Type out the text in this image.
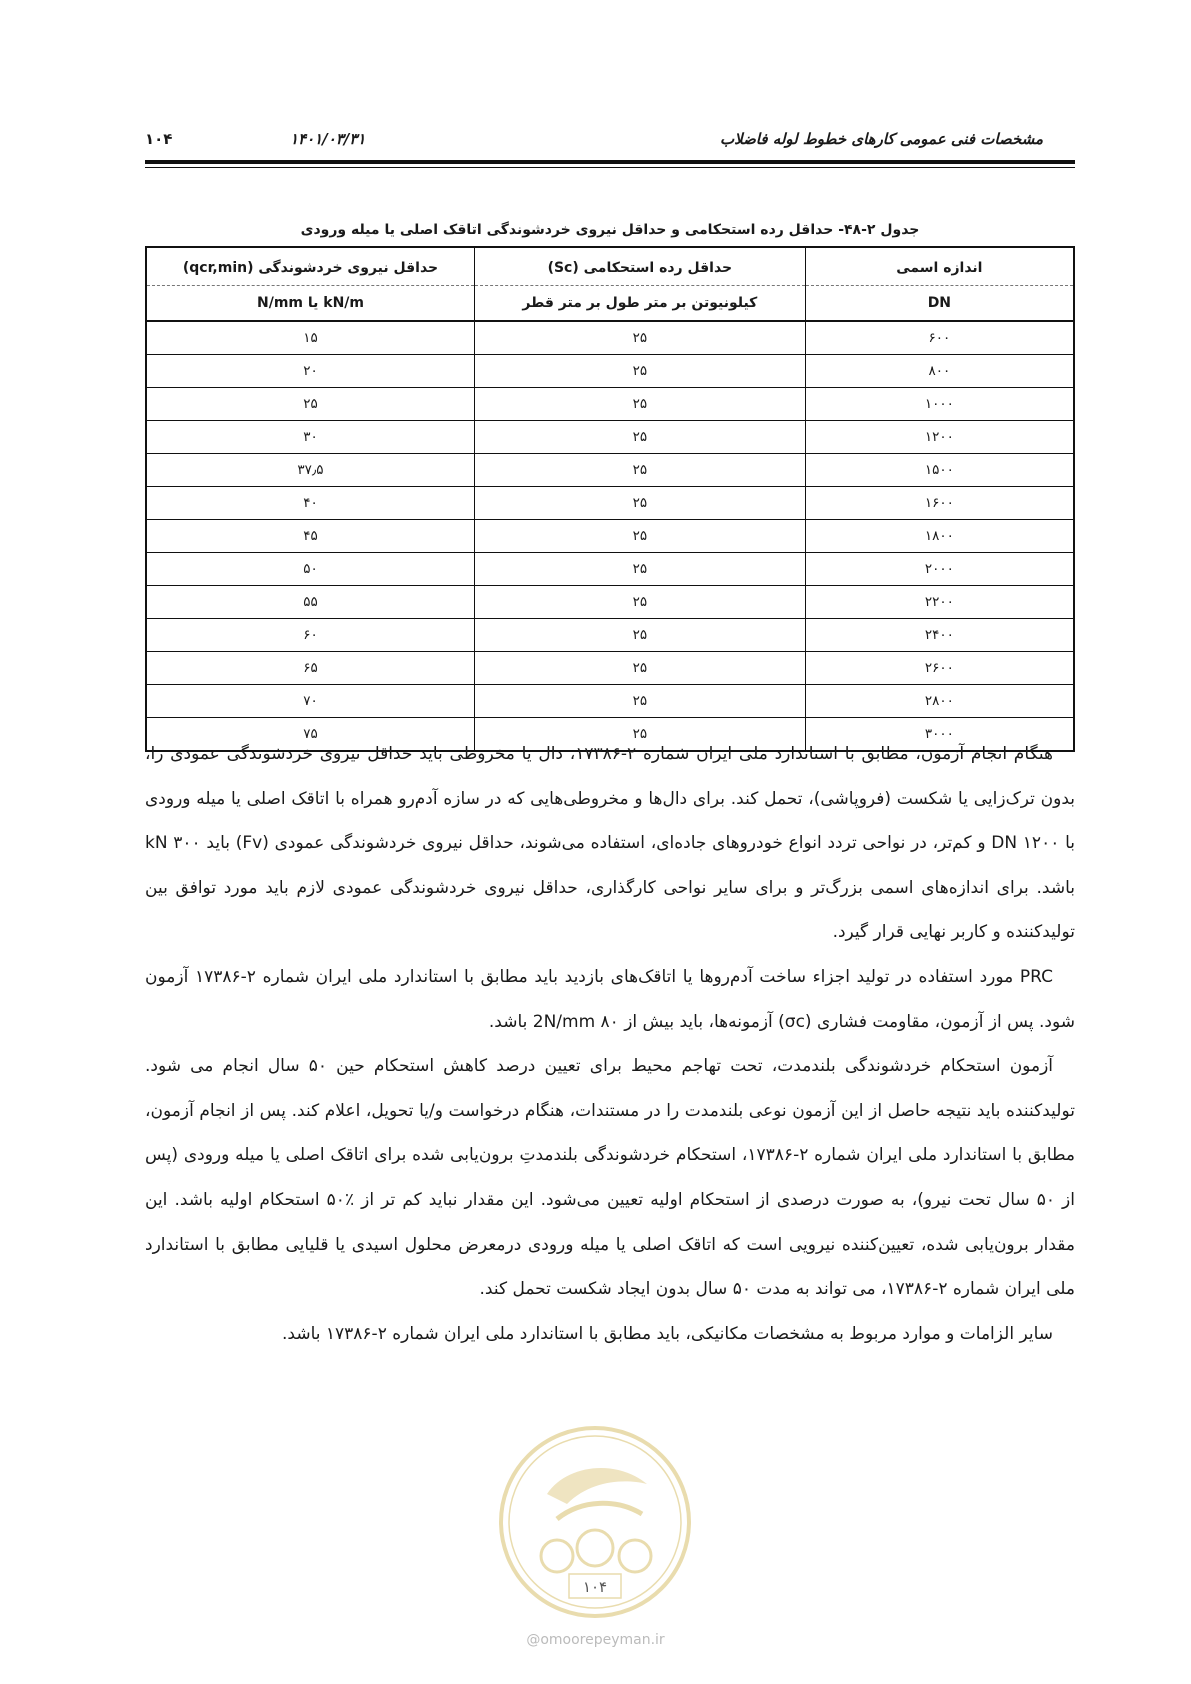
۱۰۴	مشخصات فنی عمومی کارهای خطوط لوله فاضلاب
۱۴۰۱/۰۳/۳۱
جدول ۲-۴۸- حداقل رده استحکامی و حداقل نیروی خردشوندگی اتاقک اصلی یا میله ورودی
اندازه اسمی	حداقل رده استحکامی (Sc)	حداقل نیروی خردشوندگی (qcr,min)
DN	کیلونیوتن بر متر طول بر متر قطر	kN/m یا N/mm
۶۰۰	۲۵	۱۵
۸۰۰	۲۵	۲۰
۱۰۰۰	۲۵	۲۵
۱۲۰۰	۲۵	۳۰
۱۵۰۰	۲۵	۳۷٫۵
۱۶۰۰	۲۵	۴۰
۱۸۰۰	۲۵	۴۵
۲۰۰۰	۲۵	۵۰
۲۲۰۰	۲۵	۵۵
۲۴۰۰	۲۵	۶۰
۲۶۰۰	۲۵	۶۵
۲۸۰۰	۲۵	۷۰
۳۰۰۰	۲۵	۷۵

هنگام انجام آزمون، مطابق با استاندارد ملی ایران شماره ۲-۱۷۳۸۶، دال یا مخروطی باید حداقل نیروی خردشوندگی عمودی را، بدون ترک‌زایی یا شکست (فروپاشی)، تحمل کند. برای دال‌ها و مخروطی‌هایی که در سازه آدم‌رو همراه با اتاقک اصلی یا میله ورودی با DN ۱۲۰۰ و کم‌تر، در نواحی تردد انواع خودروهای جاده‌ای، استفاده می‌شوند، حداقل نیروی خردشوندگی عمودی (Fv) باید ۳۰۰ kN باشد. برای اندازه‌های اسمی بزرگ‌تر و برای سایر نواحی کارگذاری، حداقل نیروی خردشوندگی عمودی لازم باید مورد توافق بین تولیدکننده و کاربر نهایی قرار گیرد.

PRC مورد استفاده در تولید اجزاء ساخت آدم‌روها یا اتاقک‌های بازدید باید مطابق با استاندارد ملی ایران شماره ۲-۱۷۳۸۶ آزمون شود. پس از آزمون، مقاومت فشاری (σc) آزمونه‌ها، باید بیش از 2N/mm ۸۰ باشد.

آزمون استحکام خردشوندگی بلندمدت، تحت تهاجم محیط برای تعیین درصد کاهش استحکام حین ۵۰ سال انجام می شود. تولیدکننده باید نتیجه حاصل از این آزمون نوعی بلندمدت را در مستندات، هنگام درخواست و/یا تحویل، اعلام کند. پس از انجام آزمون، مطابق با استاندارد ملی ایران شماره ۲-۱۷۳۸۶، استحکام خردشوندگی بلندمدتِ برون‌یابی شده برای اتاقک اصلی یا میله ورودی (پس از ۵۰ سال تحت نیرو)، به صورت درصدی از استحکام اولیه تعیین می‌شود. این مقدار نباید کم تر از ٪۵۰ استحکام اولیه باشد. این مقدار برون‌یابی شده، تعیین‌کننده نیرویی است که اتاقک اصلی یا میله ورودی درمعرض محلول اسیدی یا قلیایی مطابق با استاندارد ملی ایران شماره ۲-۱۷۳۸۶، می تواند به مدت ۵۰ سال بدون ایجاد شکست تحمل کند.

سایر الزامات و موارد مربوط به مشخصات مکانیکی، باید مطابق با استاندارد ملی ایران شماره ۲-۱۷۳۸۶ باشد.

۱۰۴
@omoorepeyman.ir
